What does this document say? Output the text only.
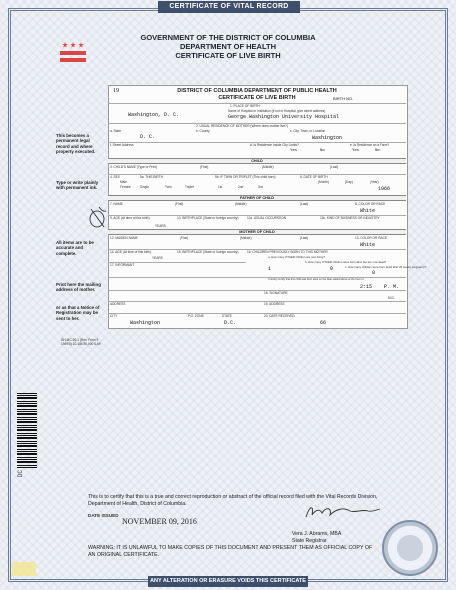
CERTIFICATE OF VITAL RECORD
GOVERNMENT OF THE DISTRICT OF COLUMBIA
DEPARTMENT OF HEALTH
CERTIFICATE OF LIVE BIRTH
19	DISTRICT OF COLUMBIA DEPARTMENT OF PUBLIC HEALTH
CERTIFICATE OF LIVE BIRTH	BIRTH NO.
1. PLACE OF BIRTH
Washington, D. C.
Name of Hospital or Institution (If not in Hospital, give street address)
George Washington University Hospital
2. USUAL RESIDENCE OF MOTHER (Where does mother live?)
a. State
D. C.
b. County	c. City, Town, or Location
Washington
f. Street Address	d. Is Residence Inside City Limits?	e. Is Residence on a Farm?
Yes	No	Yes	No
CHILD
3. CHILD'S NAME (Type or Print)	(First)	(Middle)	(Last)
4. SEX
Male
Female
5a. THIS BIRTH
Single	Twin	Triplet
5b. IF TWIN OR TRIPLET (This child born)
1st	2nd	3rd
6. DATE OF BIRTH
(Month)	(Day)	(Year)
1966
FATHER OF CHILD
7. NAME	(First)	(Middle)	(Last)	8. COLOR OR RACE
White
9. AGE (At time of this birth)
YEARS
10. BIRTHPLACE (State or foreign country)	11a. USUAL OCCUPATION	11b. KIND OF BUSINESS OR INDUSTRY
MOTHER OF CHILD
12. MAIDEN NAME	(First)	(Middle)	(Last)	13. COLOR OR RACE
White
14. AGE (At time of this birth)
YEARS
15. BIRTHPLACE (State or foreign country)	16. CHILDREN PREVIOUSLY BORN TO THIS MOTHER
a. How many OTHER children are now living?
1
b. How many OTHER children were born alive but are now dead?
0	c. How many children were born dead after 20 weeks pregnancy?
0
17. INFORMANT
I hereby certify that this child was born alive on the date stated above at the hour of
2:15 P. M.
18. SIGNATURE
M.D.
ADDRESS	19. ADDRESS
CITY
Washington
P.O. ZONE	STATE
D.C.
20. DATE RECEIVED
66
This becomes a permanent legal record and where property executed.
Type or write plainly with permanent ink.
All items are to be accurate and complete.
Print here the mailing address of mother.
or as that a Notice of Registration may be sent to her.
DH-MC-99-1 (Rev. Form 9 1949/5) 10-186 50,000 5-69
DC
This is to certify that this is a true and correct reproduction or abstract of the official record filed with the Vital Records Division, Department of Health, District of Columbia.
DATE ISSUED
NOVEMBER 09, 2016
Vera J. Abrams, MBA
State Registrar
WARNING: IT IS UNLAWFUL TO MAKE COPIES OF THIS DOCUMENT AND PRESENT THEM AS OFFICIAL COPY OF AN ORIGINAL CERTIFICATE.
ANY ALTERATION OR ERASURE VOIDS THIS CERTIFICATE
